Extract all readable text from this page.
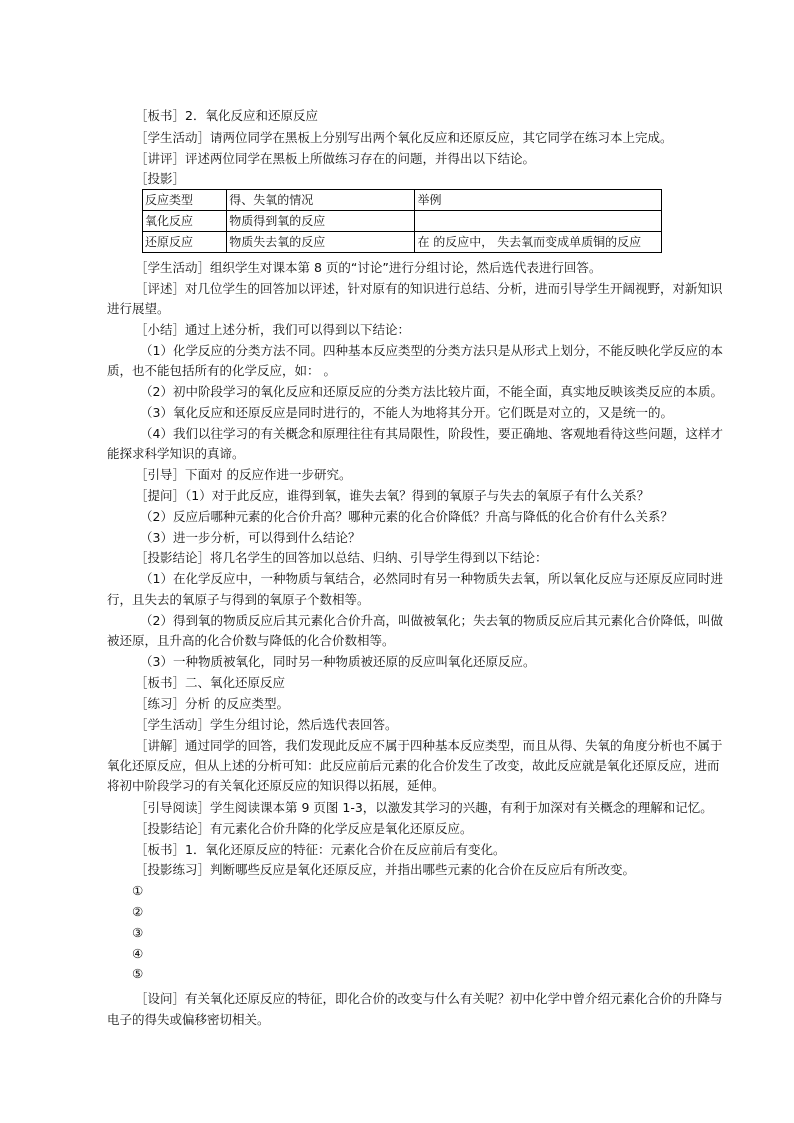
［板书］2．氧化反应和还原反应
［学生活动］请两位同学在黑板上分别写出两个氧化反应和还原反应，其它同学在练习本上完成。
［讲评］评述两位同学在黑板上所做练习存在的问题，并得出以下结论。
［投影］
反应类型	得、失氧的情况	举例
氧化反应	物质得到氧的反应	
还原反应	物质失去氧的反应	在 的反应中， 失去氧而变成单质铜的反应
［学生活动］组织学生对课本第 8 页的“讨论”进行分组讨论，然后选代表进行回答。
［评述］对几位学生的回答加以评述，针对原有的知识进行总结、分析，进而引导学生开阔视野，对新知识
进行展望。
［小结］通过上述分析，我们可以得到以下结论：
（1）化学反应的分类方法不同。四种基本反应类型的分类方法只是从形式上划分，不能反映化学反应的本
质，也不能包括所有的化学反应，如： 。
（2）初中阶段学习的氧化反应和还原反应的分类方法比较片面，不能全面，真实地反映该类反应的本质。
（3）氧化反应和还原反应是同时进行的，不能人为地将其分开。它们既是对立的，又是统一的。
（4）我们以往学习的有关概念和原理往往有其局限性，阶段性，要正确地、客观地看待这些问题，这样才
能探求科学知识的真谛。
［引导］下面对 的反应作进一步研究。
［提问］（1）对于此反应，谁得到氧，谁失去氧？得到的氧原子与失去的氧原子有什么关系？
（2）反应后哪种元素的化合价升高？哪种元素的化合价降低？升高与降低的化合价有什么关系？
（3）进一步分析，可以得到什么结论？
［投影结论］将几名学生的回答加以总结、归纳、引导学生得到以下结论：
（1）在化学反应中，一种物质与氧结合，必然同时有另一种物质失去氧，所以氧化反应与还原反应同时进
行，且失去的氧原子与得到的氧原子个数相等。
（2）得到氧的物质反应后其元素化合价升高，叫做被氧化；失去氧的物质反应后其元素化合价降低，叫做
被还原，且升高的化合价数与降低的化合价数相等。
（3）一种物质被氧化，同时另一种物质被还原的反应叫氧化还原反应。
［板书］二、氧化还原反应
［练习］分析 的反应类型。
［学生活动］学生分组讨论，然后选代表回答。
［讲解］通过同学的回答，我们发现此反应不属于四种基本反应类型，而且从得、失氧的角度分析也不属于
氧化还原反应，但从上述的分析可知：此反应前后元素的化合价发生了改变，故此反应就是氧化还原反应，进而
将初中阶段学习的有关氧化还原反应的知识得以拓展，延伸。
［引导阅读］学生阅读课本第 9 页图 1-3，以激发其学习的兴趣，有利于加深对有关概念的理解和记忆。
［投影结论］有元素化合价升降的化学反应是氧化还原反应。
［板书］1．氧化还原反应的特征：元素化合价在反应前后有变化。
［投影练习］判断哪些反应是氧化还原反应，并指出哪些元素的化合价在反应后有所改变。
①
②
③
④
⑤
［设问］有关氧化还原反应的特征，即化合价的改变与什么有关呢？初中化学中曾介绍元素化合价的升降与
电子的得失或偏移密切相关。
